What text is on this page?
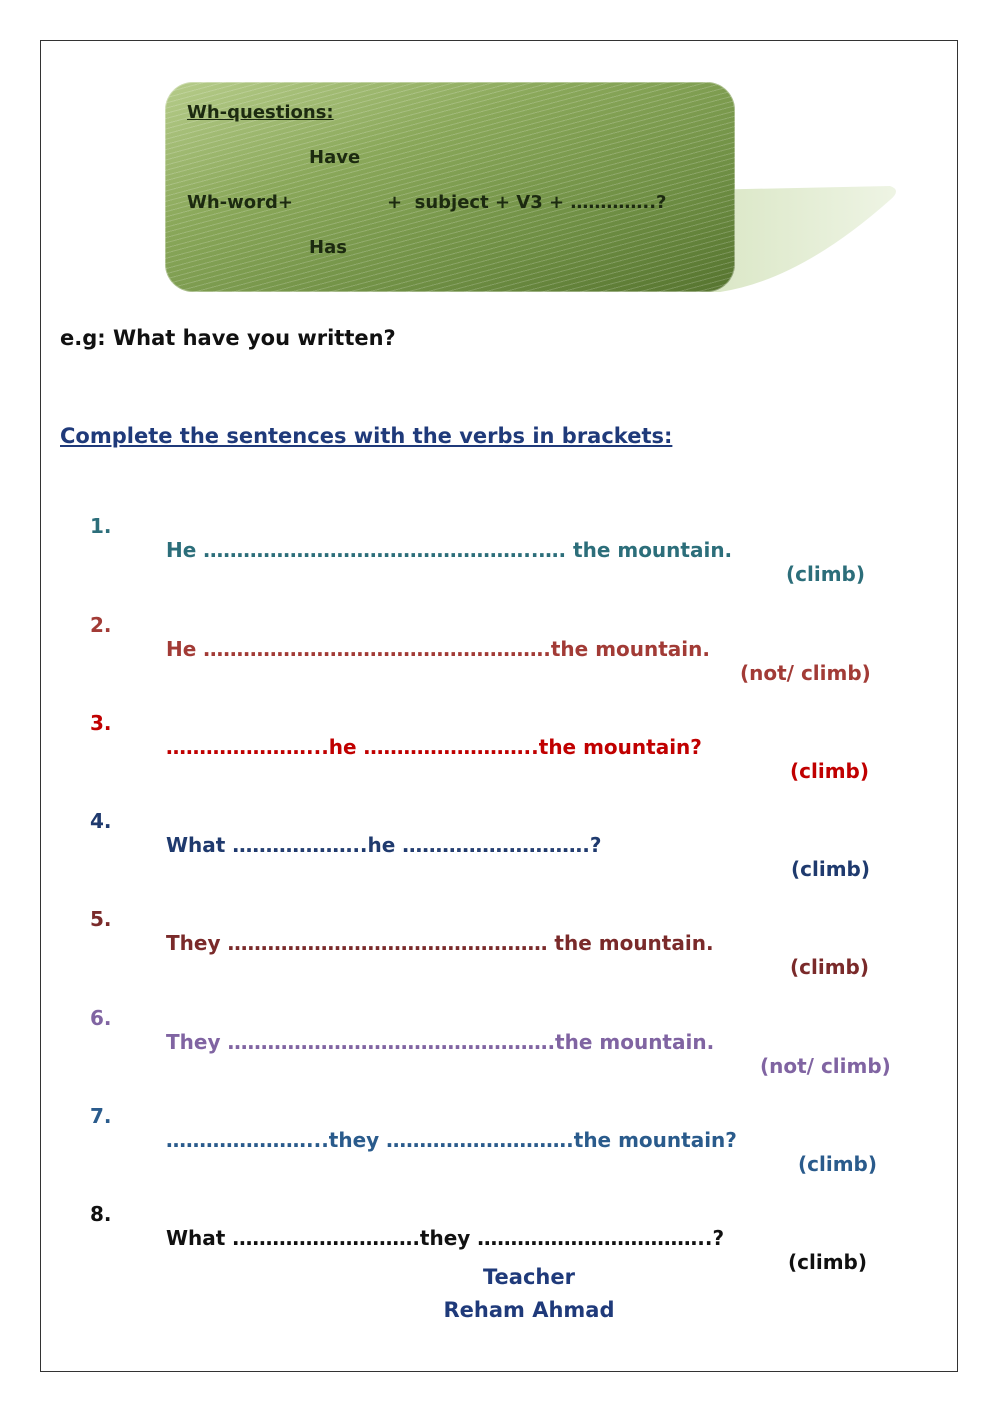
Wh-questions:
Have
Wh-word+	+  subject + V3 + …………..?
Has
e.g: What have you written?
Complete the sentences with the verbs in brackets:

1.

He …………………………………………..…. the mountain.

(climb)

2.

He …………………………………………….the mountain.

(not/ climb)

3.

…………………...he ……………………..the mountain?

(climb)

4.

What ………………..he ……………………….?

(climb)

5.

They ………………………………………… the mountain.

(climb)

6.

They ………………………………………….the mountain.

(not/ climb)

7.

…………………...they ……………………….the mountain?

(climb)

8.

What ……………………….they ……………………………..?

(climb)

Teacher
Reham Ahmad
